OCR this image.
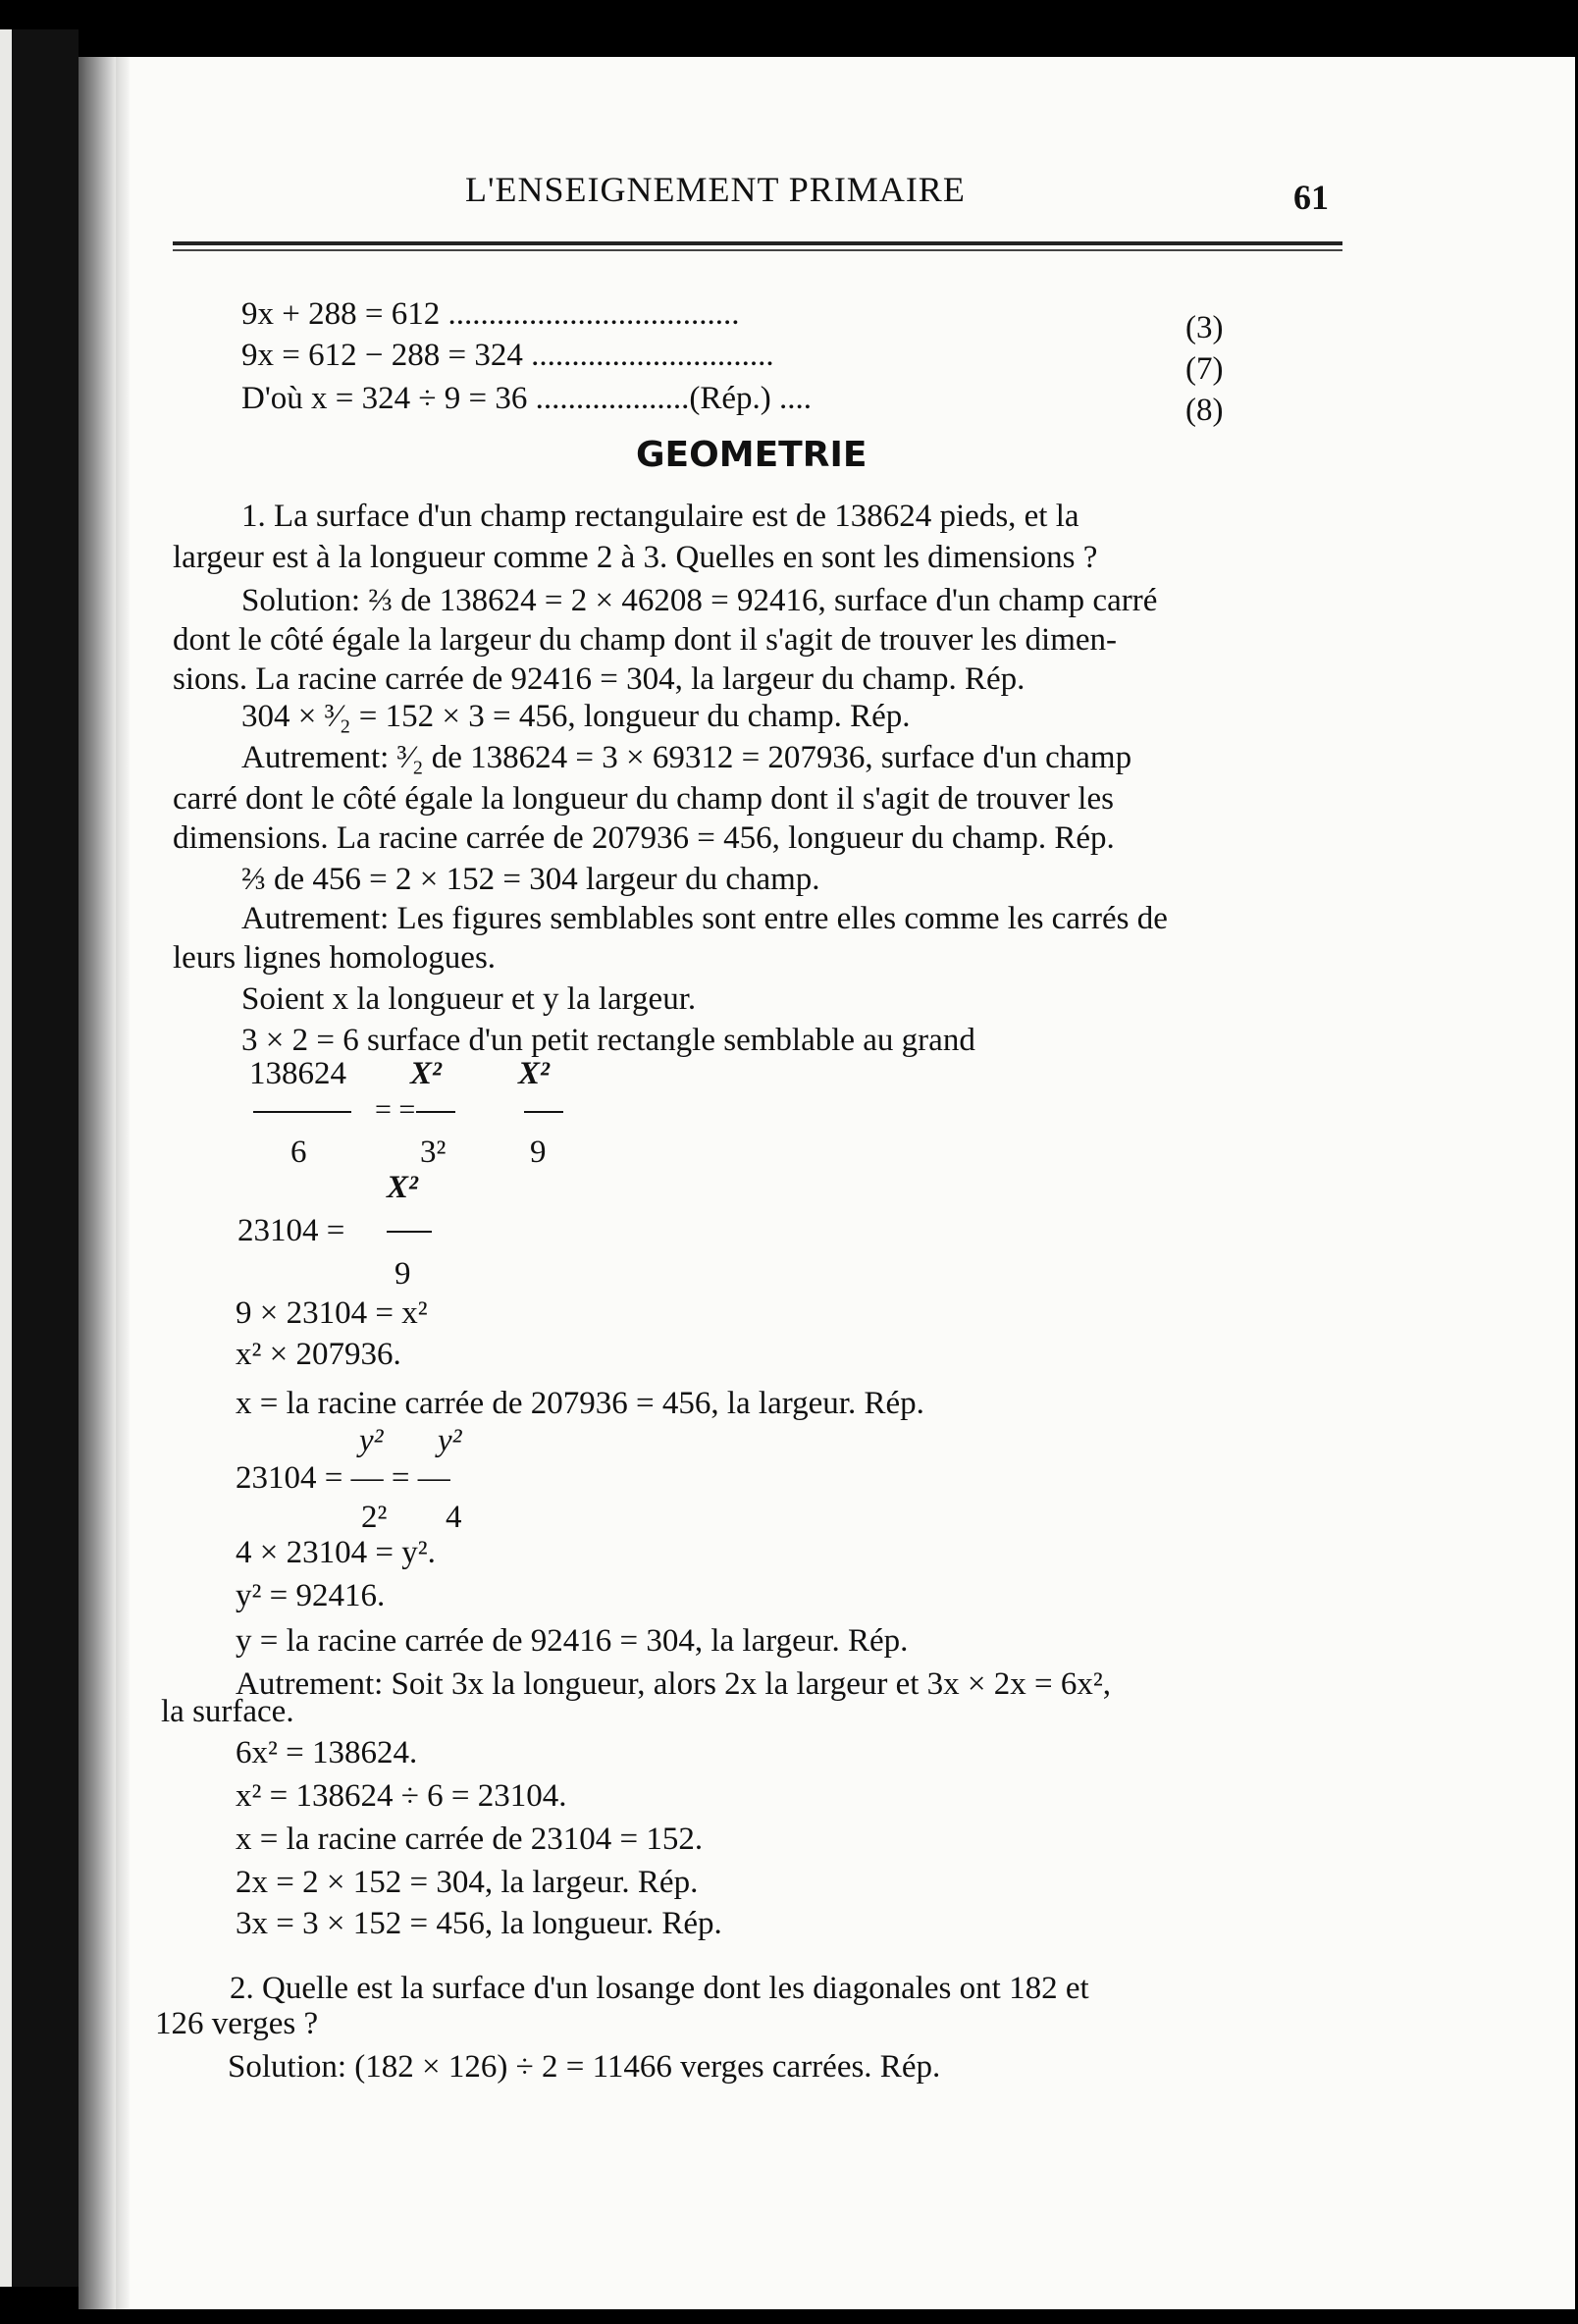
L'ENSEIGNEMENT PRIMAIRE	61
9x + 288 = 612 ....................................	(3)
9x = 612 − 288 = 324 ..............................	(7)
D'où x = 324 ÷ 9 = 36 ...................(Rép.) ....	(8)
GEOMETRIE
1. La surface d'un champ rectangulaire est de 138624 pieds, et la
largeur est à la longueur comme 2 à 3. Quelles en sont les dimensions ?
Solution: ⅔ de 138624 = 2 × 46208 = 92416, surface d'un champ carré
dont le côté égale la largeur du champ dont il s'agit de trouver les dimen-
sions. La racine carrée de 92416 = 304, la largeur du champ. Rép.
304 × ³⁄₂ = 152 × 3 = 456, longueur du champ. Rép.
Autrement: ³⁄₂ de 138624 = 3 × 69312 = 207936, surface d'un champ
carré dont le côté égale la longueur du champ dont il s'agit de trouver les
dimensions. La racine carrée de 207936 = 456, longueur du champ. Rép.
⅔ de 456 = 2 × 152 = 304 largeur du champ.
Autrement: Les figures semblables sont entre elles comme les carrés de
leurs lignes homologues.
Soient x la longueur et y la largeur.
3 × 2 = 6 surface d'un petit rectangle semblable au grand
138624 X² X²
= =
6	3²	9
X²
23104 =
9
9 × 23104 = x²
x² × 207936.
x = la racine carrée de 207936 = 456, la largeur. Rép.
y² y²
23104 = — = —
2² 4
4 × 23104 = y².
y² = 92416.
y = la racine carrée de 92416 = 304, la largeur. Rép.
Autrement: Soit 3x la longueur, alors 2x la largeur et 3x × 2x = 6x²,
la surface.
6x² = 138624.
x² = 138624 ÷ 6 = 23104.
x = la racine carrée de 23104 = 152.
2x = 2 × 152 = 304, la largeur. Rép.
3x = 3 × 152 = 456, la longueur. Rép.
2. Quelle est la surface d'un losange dont les diagonales ont 182 et
126 verges ?
Solution: (182 × 126) ÷ 2 = 11466 verges carrées. Rép.
